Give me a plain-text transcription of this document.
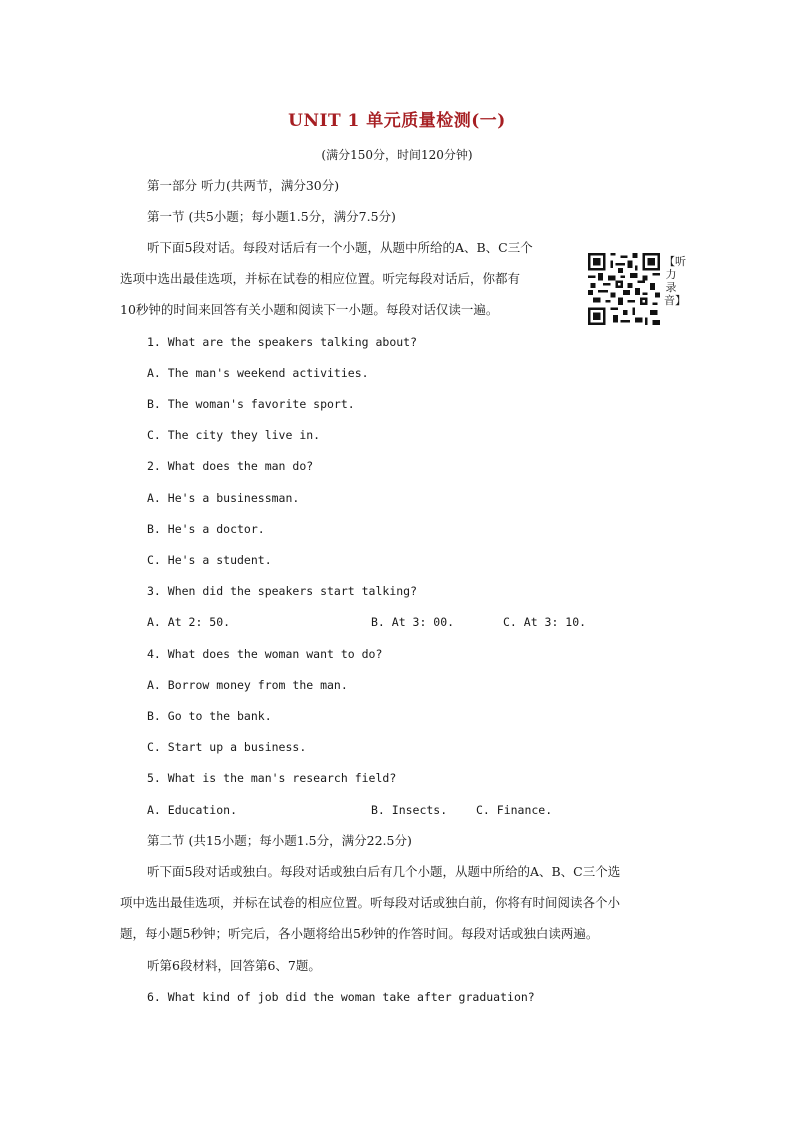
UNIT 1 单元质量检测(一)
(满分150分，时间120分钟)
第一部分 听力(共两节，满分30分)
第一节 (共5小题；每小题1.5分，满分7.5分)
听下面5段对话。每段对话后有一个小题，从题中所给的A、B、C三个
选项中选出最佳选项，并标在试卷的相应位置。听完每段对话后，你都有
10秒钟的时间来回答有关小题和阅读下一小题。每段对话仅读一遍。
【听力录音】
1. What are the speakers talking about?
A. The man's weekend activities.
B. The woman's favorite sport.
C. The city they live in.
2. What does the man do?
A. He's a businessman.
B. He's a doctor.
C. He's a student.
3. When did the speakers start talking?
A. At 2: 50.	B. At 3: 00.	C. At 3: 10.
4. What does the woman want to do?
A. Borrow money from the man.
B. Go to the bank.
C. Start up a business.
5. What is the man's research field?
A. Education.	B. Insects.	C. Finance.
第二节 (共15小题；每小题1.5分，满分22.5分)
听下面5段对话或独白。每段对话或独白后有几个小题，从题中所给的A、B、C三个选
项中选出最佳选项，并标在试卷的相应位置。听每段对话或独白前，你将有时间阅读各个小
题，每小题5秒钟；听完后，各小题将给出5秒钟的作答时间。每段对话或独白读两遍。
听第6段材料，回答第6、7题。
6. What kind of job did the woman take after graduation?
